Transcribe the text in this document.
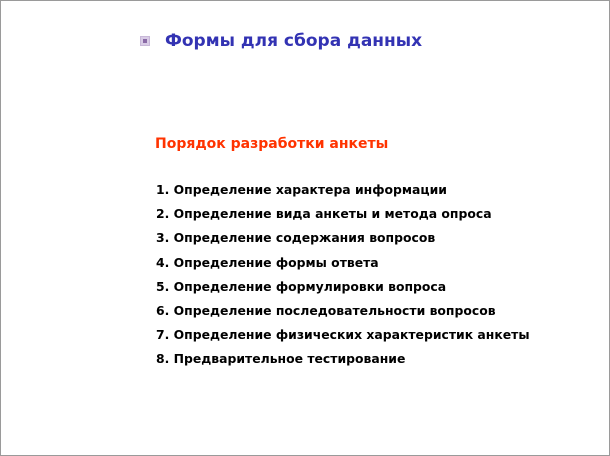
Формы для сбора данных
Порядок разработки анкеты
1. Определение характера информации
2. Определение вида анкеты и метода опроса
3. Определение содержания вопросов
4. Определение формы ответа
5. Определение формулировки вопроса
6. Определение последовательности вопросов
7. Определение физических характеристик анкеты
8. Предварительное тестирование
